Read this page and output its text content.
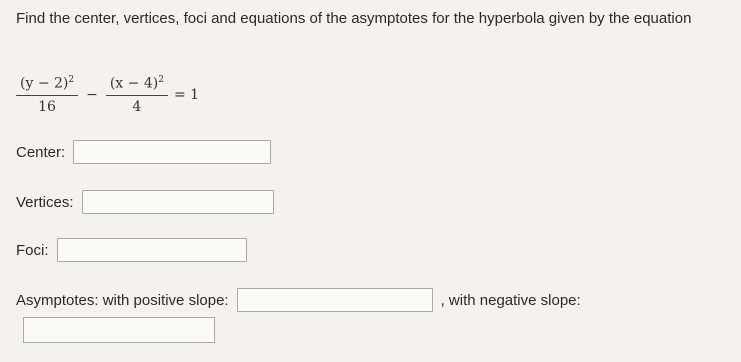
Find the center, vertices, foci and equations of the asymptotes for the hyperbola given by the equation
$\frac{(y - 2)^2}{16} - \frac{(x - 4)^2}{4} = 1$
Center:
Vertices:
Foci:
Asymptotes: with positive slope:	, with negative slope:
